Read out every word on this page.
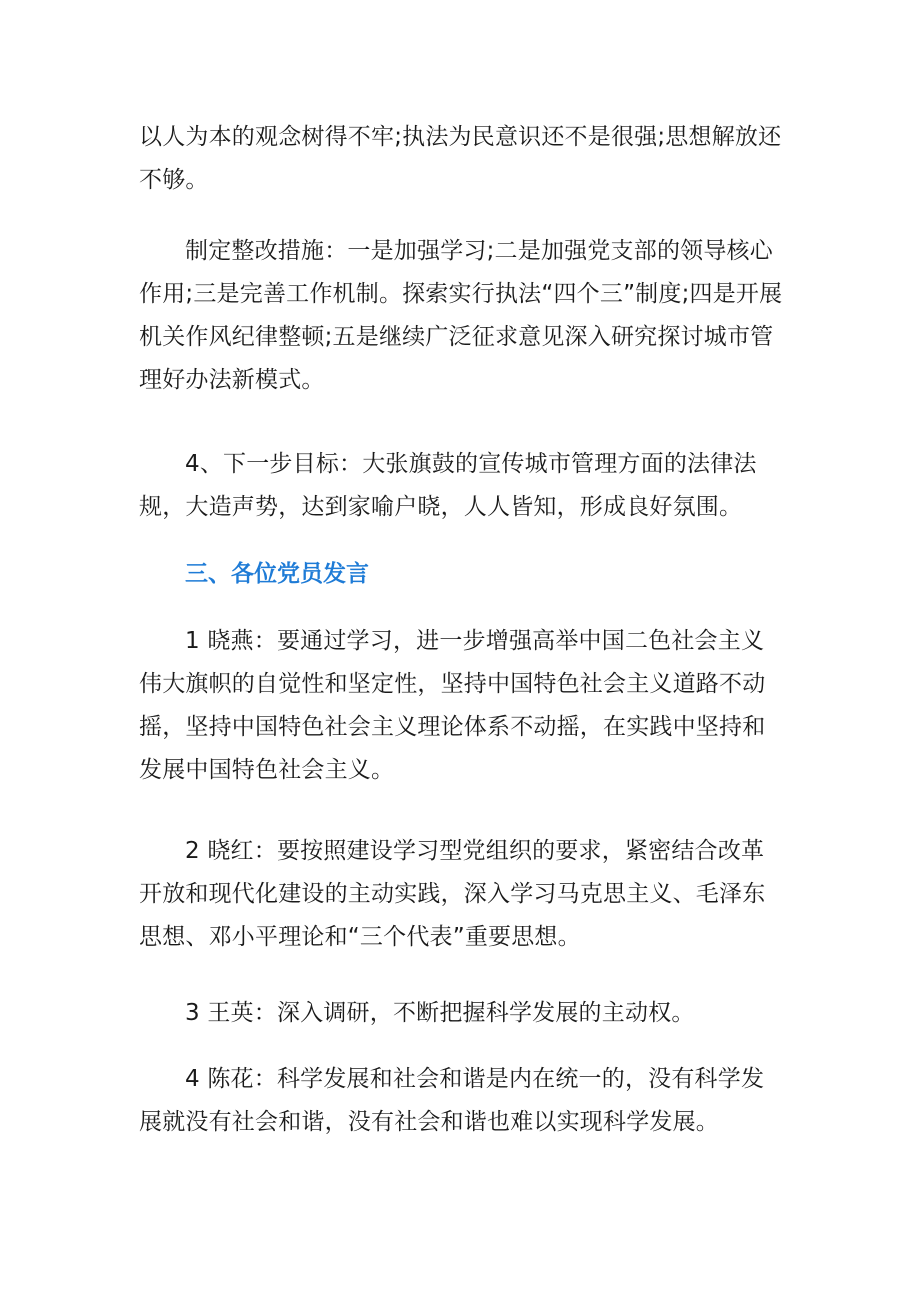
以人为本的观念树得不牢;执法为民意识还不是很强;思想解放还不够。

制定整改措施：一是加强学习;二是加强党支部的领导核心作用;三是完善工作机制。探索实行执法“四个三”制度;四是开展机关作风纪律整顿;五是继续广泛征求意见深入研究探讨城市管理好办法新模式。

4、下一步目标：大张旗鼓的宣传城市管理方面的法律法规，大造声势，达到家喻户晓，人人皆知，形成良好氛围。

三、各位党员发言

1 晓燕：要通过学习，进一步增强高举中国二色社会主义伟大旗帜的自觉性和坚定性，坚持中国特色社会主义道路不动摇，坚持中国特色社会主义理论体系不动摇，在实践中坚持和发展中国特色社会主义。

2 晓红：要按照建设学习型党组织的要求，紧密结合改革开放和现代化建设的主动实践，深入学习马克思主义、毛泽东思想、邓小平理论和“三个代表”重要思想。

3 王英：深入调研，不断把握科学发展的主动权。

4 陈花：科学发展和社会和谐是内在统一的，没有科学发展就没有社会和谐，没有社会和谐也难以实现科学发展。
